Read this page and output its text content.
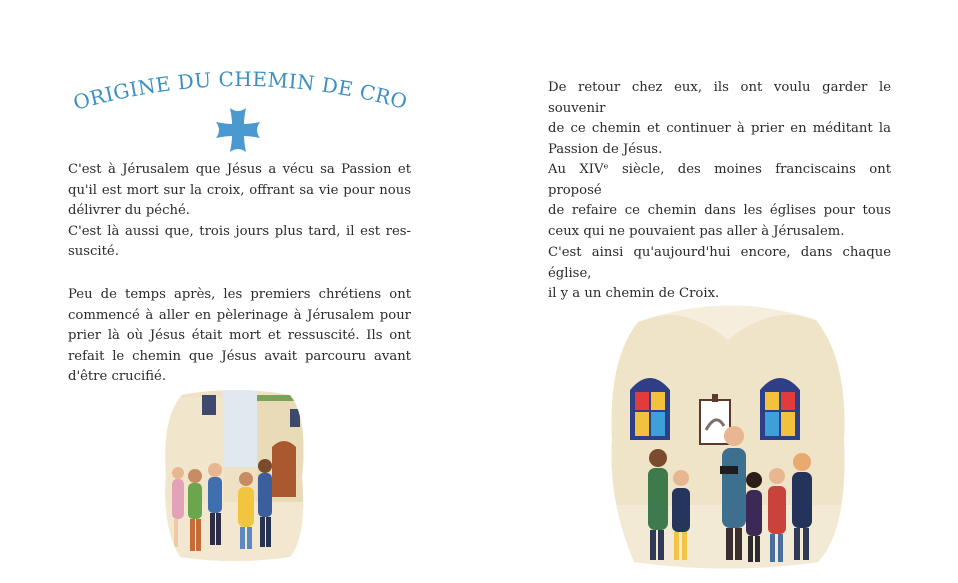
L'ORIGINE DU CHEMIN DE CROIX

C'est à Jérusalem que Jésus a vécu sa Passion et
qu'il est mort sur la croix, offrant sa vie pour nous
délivrer du péché.
C'est là aussi que, trois jours plus tard, il est res-
suscité.

Peu de temps après, les premiers chrétiens ont
commencé à aller en pèlerinage à Jérusalem pour
prier là où Jésus était mort et ressuscité. Ils ont
refait le chemin que Jésus avait parcouru avant
d'être crucifié.

De retour chez eux, ils ont voulu garder le souvenir
de ce chemin et continuer à prier en méditant la
Passion de Jésus.

Au XIVᵉ siècle, des moines franciscains ont proposé
de refaire ce chemin dans les églises pour tous
ceux qui ne pouvaient pas aller à Jérusalem.

C'est ainsi qu'aujourd'hui encore, dans chaque église,
il y a un chemin de Croix.
